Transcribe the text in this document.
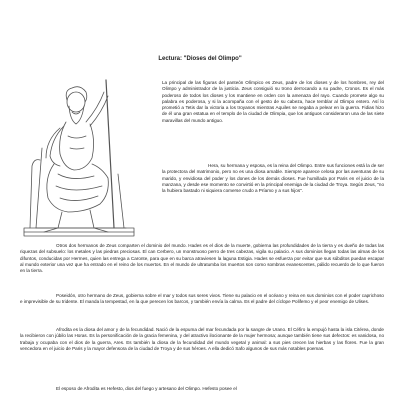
Lectura: "Dioses del Olimpo"

La principal de las figuras del panteón Olímpico es Zeus, padre de los dioses y de los hombres, rey del Olimpo y administrador de la justicia. Zeus consiguió su trono derrocando a su padre, Cronos. Es el más poderoso de todos los dioses y los mantiene en orden con la amenaza del rayo. Cuando promete algo su palabra es poderosa, y si la acompaña con el gesto de su cabeza, hace temblar al Olimpo entero. Así lo prometió a Tetis dar la victoria a los troyanos mientras Aquiles se negaba a pelear en la guerra. Fidias hizo de él una gran estatua en el templo de la ciudad de Olimpia, que los antiguos consideraron una de las siete maravillas del mundo antiguo.

Hera, su hermana y esposa, es la reina del Olimpo. Entre sus funciones está la de ser la protectora del matrimonio, pero no es una diosa amable. Siempre aparece celosa por las aventuras de su marido, y envidiosa del poder y los dones de los demás dioses. Fue humillada por Paris en el juicio de la manzana, y desde ese momento se convirtió en la principal enemiga de la ciudad de Troya. Según Zeus, "no la hubiera bastado ni siquiera comerse crudo a Príamo y a sus hijos".

Otros dos hermanos de Zeus comparten el dominio del mundo. Hades es el dios de la muerte, gobierna las profundidades de la tierra y es dueño de todas las riquezas del subsuelo: los metales y las piedras preciosas. El can Cerbero, un monstruoso perro de tres cabezas, vigila su palacio. A sus dominios llegan todas las almas de los difuntos, conducidas por Hermes, quien las entrega a Caronte, para que en su barca atraviesen la laguna Estigia. Hades se esfuerza por evitar que sus súbditos puedan escapar al mundo exterior una vez que ha entrado en el reino de los muertos. En el mundo de ultratumba los muertos son como sombras evanescentes, pálido recuerdo de lo que fueron en la tierra.

Poseidón, otro hermano de Zeus, gobierna sobre el mar y todos sus seres vivos. Tiene su palacio en el océano y reina en sus dominios con el poder caprichoso e imprevisible de su tridente. El manda la tempestad, en la que perecen los barcos, y también envía la calma. Es el padre del cíclope Polifemo y el peor enemigo de Ulises.

Afrodita es la diosa del amor y de la fecundidad. Nació de la espuma del mar fecundada por la sangre de Urano. El Céfiro la empujó hasta la isla Citérea, donde la recibieron con júbilo las Horas. Es la personificación de la gracia femenina, y del atractivo ilocionante de la mujer hermosa; aunque también tiene sus defectos: es vanidosa, no trabaja y ocupaba con el dios de la guerra, Ares. Es también la diosa de la fecundidad del mundo vegetal y animal: a sus pies crecen las hierbas y las flores. Fue la gran vencedora en el juicio de Paris y la mayor defensora de la ciudad de Troya y de sus héroes. A ella dedicó Safo algunos de sus más notables poemas.

El esposo de Afrodita es Hefesto, dios del fuego y artesano del Olimpo. Hefesto posee el
